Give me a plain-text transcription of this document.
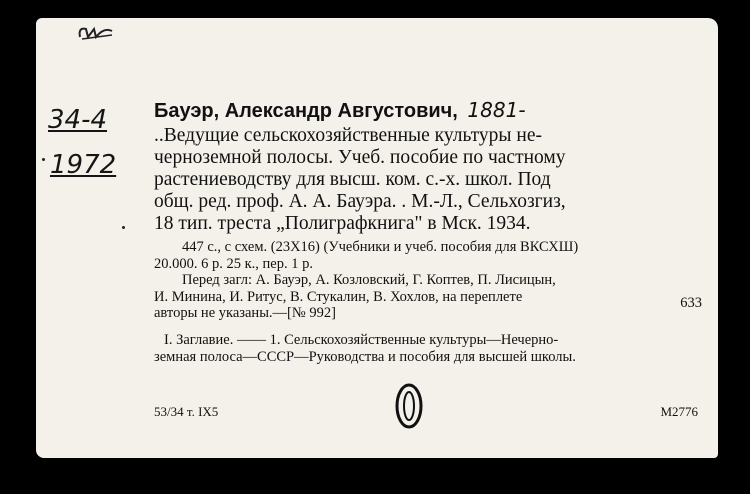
34-4
1972
Бауэр, Александр Августович, 1881-
..Ведущие сельскохозяйственные культуры не-
черноземной полосы. Учеб. пособие по частному
растениеводству для высш. ком. с.-х. школ. Под
общ. ред. проф. А. А. Бауэра. . М.-Л., Сельхозгиз,
18 тип. треста „Полиграфкнига" в Мск. 1934.
447 с., с схем. (23X16) (Учебники и учеб. пособия для ВКСХШ)
20.000. 6 р. 25 к., пер. 1 р.
Перед загл: А. Бауэр, А. Козловский, Г. Коптев, П. Лисицын,
И. Минина, И. Ритус, В. Стукалин, В. Хохлов, на переплете
авторы не указаны.—[№ 992]
633
I. Заглавие. —— 1. Сельскохозяйственные культуры—Нечерно-
земная полоса—СССР—Руководства и пособия для высшей школы.
53/34 т. IX5	M2776
